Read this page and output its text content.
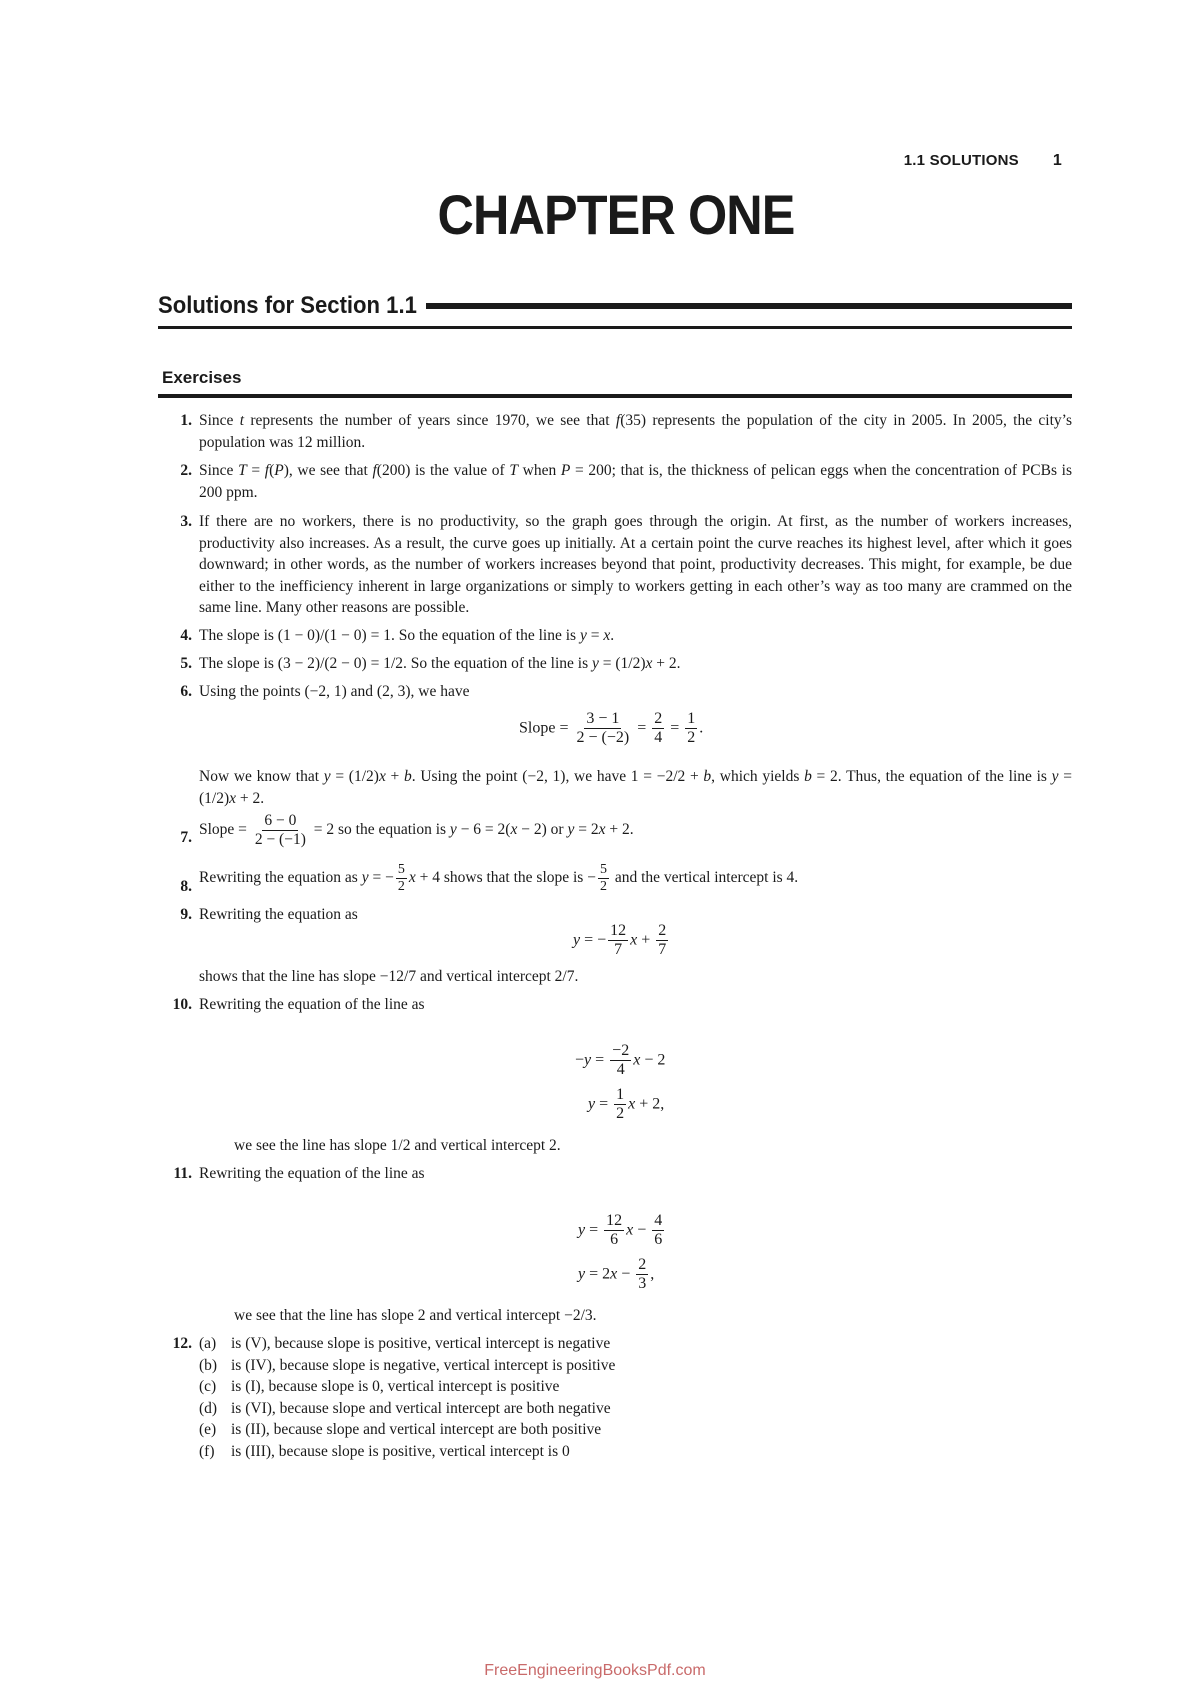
1.1 SOLUTIONS 1
CHAPTER ONE
Solutions for Section 1.1
Exercises
1. Since t represents the number of years since 1970, we see that f(35) represents the population of the city in 2005. In 2005, the city’s population was 12 million.
2. Since T = f(P), we see that f(200) is the value of T when P = 200; that is, the thickness of pelican eggs when the concentration of PCBs is 200 ppm.
3. If there are no workers, there is no productivity, so the graph goes through the origin. At first, as the number of workers increases, productivity also increases. As a result, the curve goes up initially. At a certain point the curve reaches its highest level, after which it goes downward; in other words, as the number of workers increases beyond that point, productivity decreases. This might, for example, be due either to the inefficiency inherent in large organizations or simply to workers getting in each other’s way as too many are crammed on the same line. Many other reasons are possible.
4. The slope is (1 − 0)/(1 − 0) = 1. So the equation of the line is y = x.
5. The slope is (3 − 2)/(2 − 0) = 1/2. So the equation of the line is y = (1/2)x + 2.
6. Using the points (−2, 1) and (2, 3), we have
Slope = $\frac{3 - 1}{2 - (-2)} = \frac{2}{4} = \frac{1}{2}$ .
Now we know that y = (1/2)x + b. Using the point (−2, 1), we have 1 = −2/2 + b, which yields b = 2. Thus, the equation of the line is y = (1/2)x + 2.
7. Slope = $\frac{6 - 0}{2 - (-1)} = 2$ so the equation is y − 6 = 2(x − 2) or y = 2x + 2.
8.
Rewriting the equation as y = − $\frac{5}{2}$ x + 4 shows that the slope is − $\frac{5}{2}$ and the vertical intercept is 4.
9. Rewriting the equation as
y = − $\frac{12}{7}$ $x + \frac{2}{7}$
shows that the line has slope −12/7 and vertical intercept 2/7.
10. Rewriting the equation of the line as
$-y = \frac{-2}{4}$ x − 2
$y = \frac{1}{2}$ x + 2,
we see the line has slope 1/2 and vertical intercept 2.
11. Rewriting the equation of the line as
$y = \frac{12}{6}$ $x - \frac{4}{6}$
$y = 2x - \frac{2}{3}$ ,
we see that the line has slope 2 and vertical intercept −2/3.
12. (a) is (V), because slope is positive, vertical intercept is negative
(b) is (IV), because slope is negative, vertical intercept is positive
(c) is (I), because slope is 0, vertical intercept is positive
(d) is (VI), because slope and vertical intercept are both negative
(e) is (II), because slope and vertical intercept are both positive
(f) is (III), because slope is positive, vertical intercept is 0
FreeEngineeringBooksPdf.com
